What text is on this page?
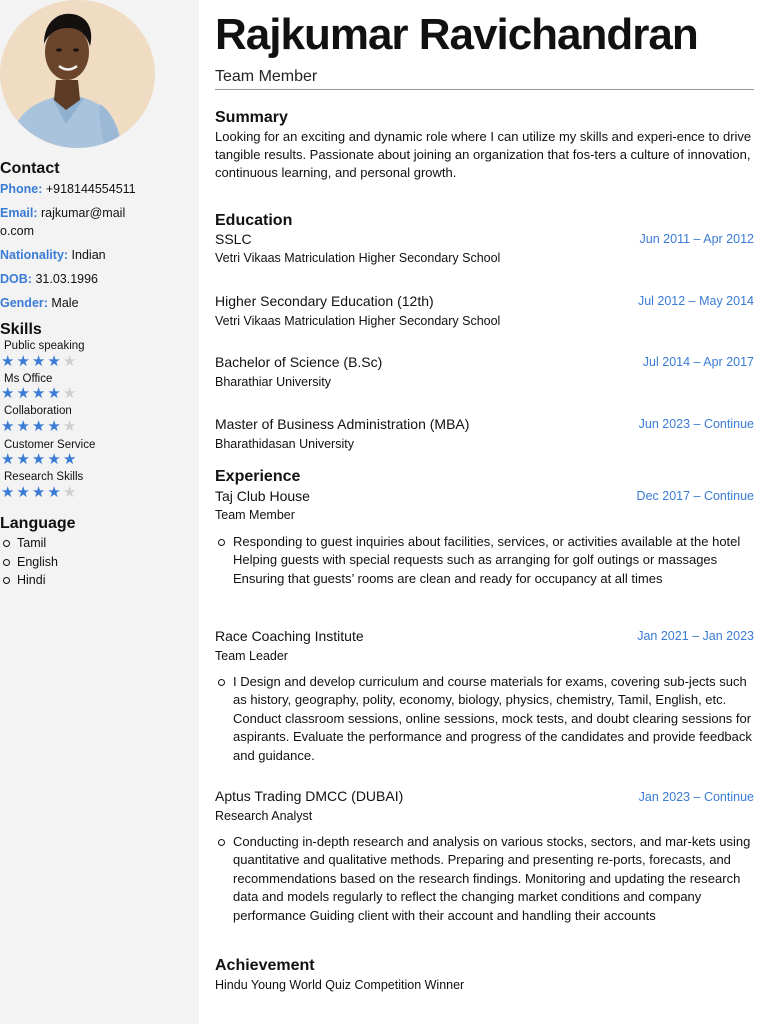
Contact
Phone: +918144554511
Email: rajkumar@mail
o.com
Nationality: Indian
DOB: 31.03.1996
Gender: Male
Skills
Public speaking
★★★★★
Ms Office
★★★★★
Collaboration
★★★★★
Customer Service
★★★★★
Research Skills
★★★★★
Language
Tamil
English
Hindi
Rajkumar Ravichandran
Team Member
Summary
Looking for an exciting and dynamic role where I can utilize my skills and experi-ence to drive tangible results. Passionate about joining an organization that fos-ters a culture of innovation, continuous learning, and personal growth.
Education
SSLC	Jun 2011 – Apr 2012
Vetri Vikaas Matriculation Higher Secondary School
Higher Secondary Education (12th)	Jul 2012 – May 2014
Vetri Vikaas Matriculation Higher Secondary School
Bachelor of Science (B.Sc)	Jul 2014 – Apr 2017
Bharathiar University
Master of Business Administration (MBA)	Jun 2023 – Continue
Bharathidasan University
Experience
Taj Club House	Dec 2017 – Continue
Team Member
Responding to guest inquiries about facilities, services, or activities available at the hotel Helping guests with special requests such as arranging for golf outings or massages Ensuring that guests’ rooms are clean and ready for occupancy at all times
Race Coaching Institute	Jan 2021 – Jan 2023
Team Leader
I Design and develop curriculum and course materials for exams, covering sub-jects such as history, geography, polity, economy, biology, physics, chemistry, Tamil, English, etc. Conduct classroom sessions, online sessions, mock tests, and doubt clearing sessions for aspirants. Evaluate the performance and progress of the candidates and provide feedback and guidance.
Aptus Trading DMCC (DUBAI)	Jan 2023 – Continue
Research Analyst
Conducting in-depth research and analysis on various stocks, sectors, and mar-kets using quantitative and qualitative methods. Preparing and presenting re-ports, forecasts, and recommendations based on the research findings. Monitoring and updating the research data and models regularly to reflect the changing market conditions and company performance Guiding client with their account and handling their accounts
Achievement
Hindu Young World Quiz Competition Winner
